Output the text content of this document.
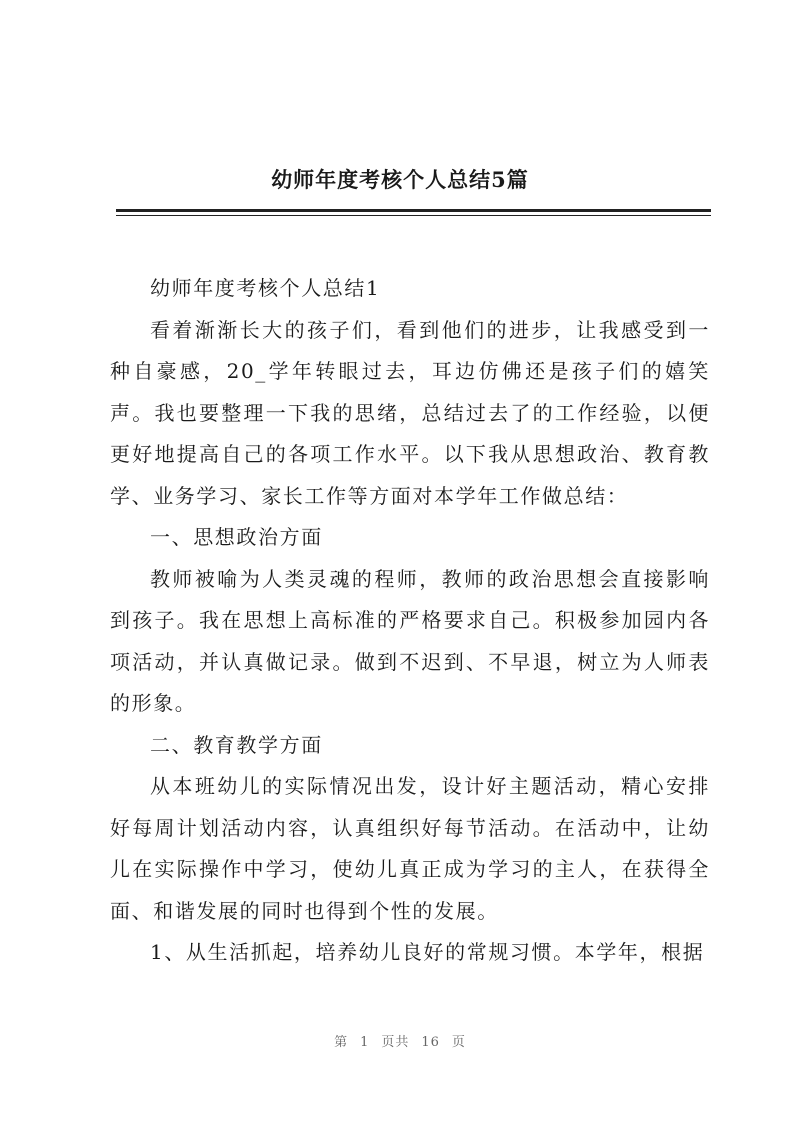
幼师年度考核个人总结5篇

幼师年度考核个人总结1

看着渐渐长大的孩子们，看到他们的进步，让我感受到一种自豪感，20_学年转眼过去，耳边仿佛还是孩子们的嬉笑声。我也要整理一下我的思绪，总结过去了的工作经验，以便更好地提高自己的各项工作水平。以下我从思想政治、教育教学、业务学习、家长工作等方面对本学年工作做总结：

一、思想政治方面

教师被喻为人类灵魂的程师，教师的政治思想会直接影响到孩子。我在思想上高标准的严格要求自己。积极参加园内各项活动，并认真做记录。做到不迟到、不早退，树立为人师表的形象。

二、教育教学方面

从本班幼儿的实际情况出发，设计好主题活动，精心安排好每周计划活动内容，认真组织好每节活动。在活动中，让幼儿在实际操作中学习，使幼儿真正成为学习的主人，在获得全面、和谐发展的同时也得到个性的发展。

1、从生活抓起，培养幼儿良好的常规习惯。本学年，根据

第 1 页共 16 页
